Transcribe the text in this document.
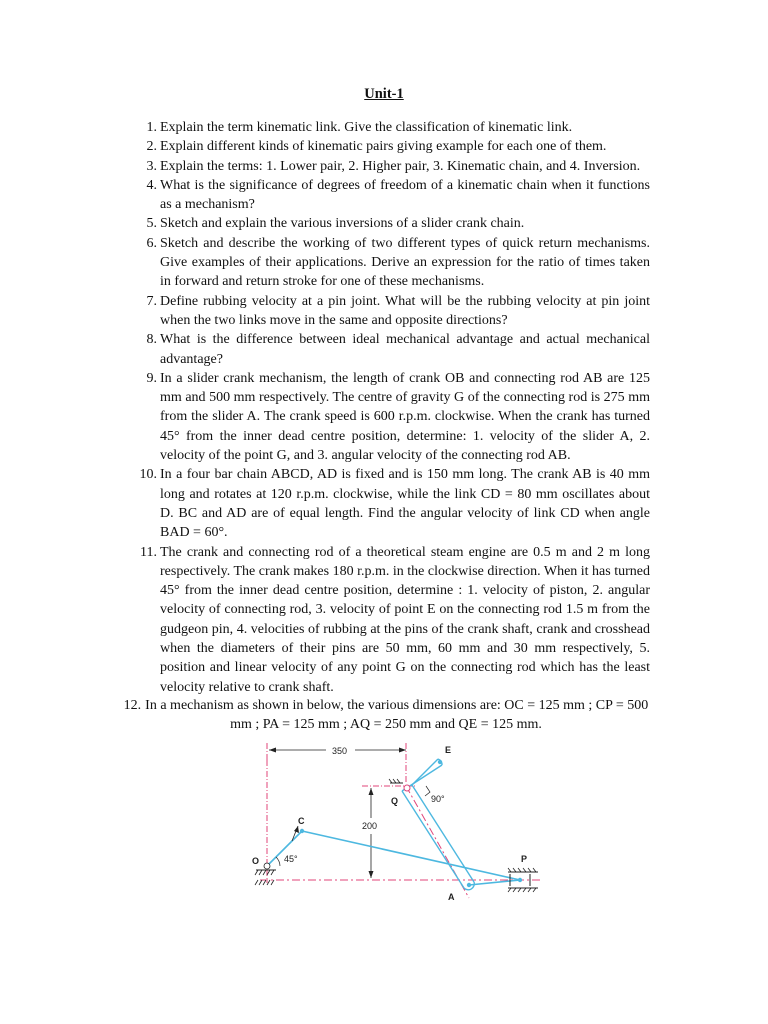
Unit-1
1. Explain the term kinematic link. Give the classification of kinematic link.
2. Explain different kinds of kinematic pairs giving example for each one of them.
3. Explain the terms: 1. Lower pair, 2. Higher pair, 3. Kinematic chain, and 4. Inversion.
4. What is the significance of degrees of freedom of a kinematic chain when it functions as a mechanism?
5. Sketch and explain the various inversions of a slider crank chain.
6. Sketch and describe the working of two different types of quick return mechanisms. Give examples of their applications. Derive an expression for the ratio of times taken in forward and return stroke for one of these mechanisms.
7. Define rubbing velocity at a pin joint. What will be the rubbing velocity at pin joint when the two links move in the same and opposite directions?
8. What is the difference between ideal mechanical advantage and actual mechanical advantage?
9. In a slider crank mechanism, the length of crank OB and connecting rod AB are 125 mm and 500 mm respectively. The centre of gravity G of the connecting rod is 275 mm from the slider A. The crank speed is 600 r.p.m. clockwise. When the crank has turned 45° from the inner dead centre position, determine: 1. velocity of the slider A, 2. velocity of the point G, and 3. angular velocity of the connecting rod AB.
10. In a four bar chain ABCD, AD is fixed and is 150 mm long. The crank AB is 40 mm long and rotates at 120 r.p.m. clockwise, while the link CD = 80 mm oscillates about D. BC and AD are of equal length. Find the angular velocity of link CD when angle BAD = 60°.
11. The crank and connecting rod of a theoretical steam engine are 0.5 m and 2 m long respectively. The crank makes 180 r.p.m. in the clockwise direction. When it has turned 45° from the inner dead centre position, determine : 1. velocity of piston, 2. angular velocity of connecting rod, 3. velocity of point E on the connecting rod 1.5 m from the gudgeon pin, 4. velocities of rubbing at the pins of the crank shaft, crank and crosshead when the diameters of their pins are 50 mm, 60 mm and 30 mm respectively, 5. position and linear velocity of any point G on the connecting rod which has the least velocity relative to crank shaft.
12. In a mechanism as shown in below, the various dimensions are: OC = 125 mm ; CP = 500
mm ; PA = 125 mm ; AQ = 250 mm and QE = 125 mm.
350
200
45°
90°
O
C
Q
E
A
P
